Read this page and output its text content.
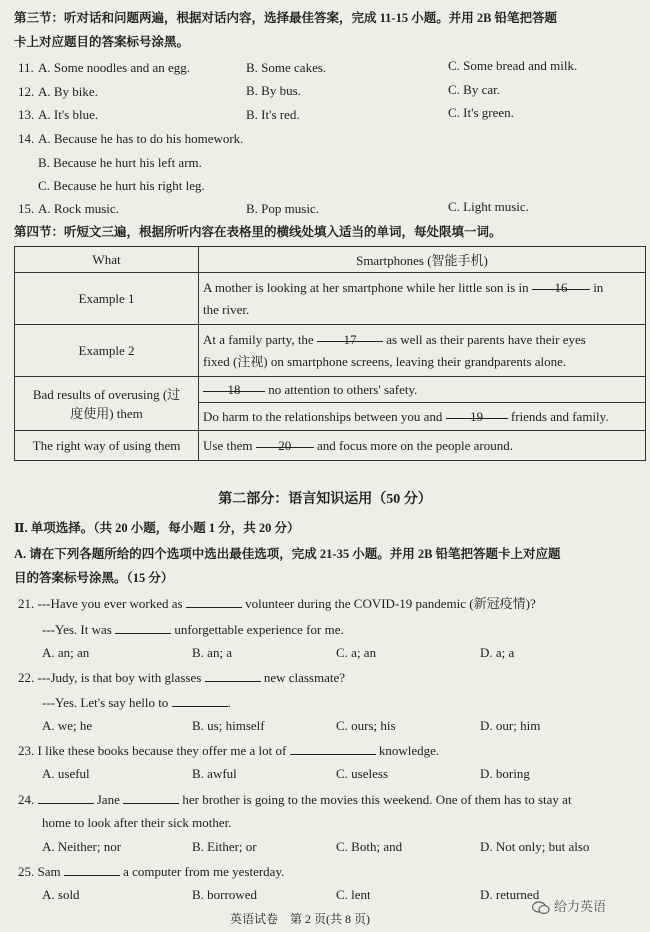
第三节：听对话和问题两遍，根据对话内容，选择最佳答案，完成 11-15 小题。并用 2B 铅笔把答题
卡上对应题目的答案标号涂黑。
11. A. Some noodles and an egg.	B. Some cakes.	C. Some bread and milk.
12. A. By bike.	B. By bus.	C. By car.
13. A. It's blue.	B. It's red.	C. It's green.
14. A. Because he has to do his homework.
B. Because he hurt his left arm.
C. Because he hurt his right leg.
15. A. Rock music.	B. Pop music.	C. Light music.
第四节：听短文三遍，根据所听内容在表格里的横线处填入适当的单词，每处限填一词。
What	Smartphones (智能手机)
Example 1	A mother is looking at her smartphone while her little son is in 16 in
the river.
Example 2	At a family party, the 17 as well as their parents have their eyes
fixed (注视) on smartphone screens, leaving their grandparents alone.
Bad results of overusing (过
度使用) them	18 no attention to others' safety.
	Do harm to the relationships between you and 19 friends and family.
The right way of using them	Use them 20 and focus more on the people around.
第二部分：语言知识运用（50 分）
Ⅱ. 单项选择。（共 20 小题，每小题 1 分，共 20 分）
A. 请在下列各题所给的四个选项中选出最佳选项，完成 21-35 小题。并用 2B 铅笔把答题卡上对应题
目的答案标号涂黑。（15 分）
21. ---Have you ever worked as	volunteer during the COVID-19 pandemic (新冠疫情)?
---Yes. It was	unforgettable experience for me.
A. an; an	B. an; a	C. a; an	D. a; a
22. ---Judy, is that boy with glasses	new classmate?
---Yes. Let's say hello to	.
A. we; he	B. us; himself	C. ours; his	D. our; him
23. I like these books because they offer me a lot of	knowledge.
A. useful	B. awful	C. useless	D. boring
24.	Jane	her brother is going to the movies this weekend. One of them has to stay at
home to look after their sick mother.
A. Neither; nor	B. Either; or	C. Both; and	D. Not only; but also
25. Sam	a computer from me yesterday.
A. sold	B. borrowed	C. lent	D. returned
英语试卷　第 2 页(共 8 页)
给力英语
